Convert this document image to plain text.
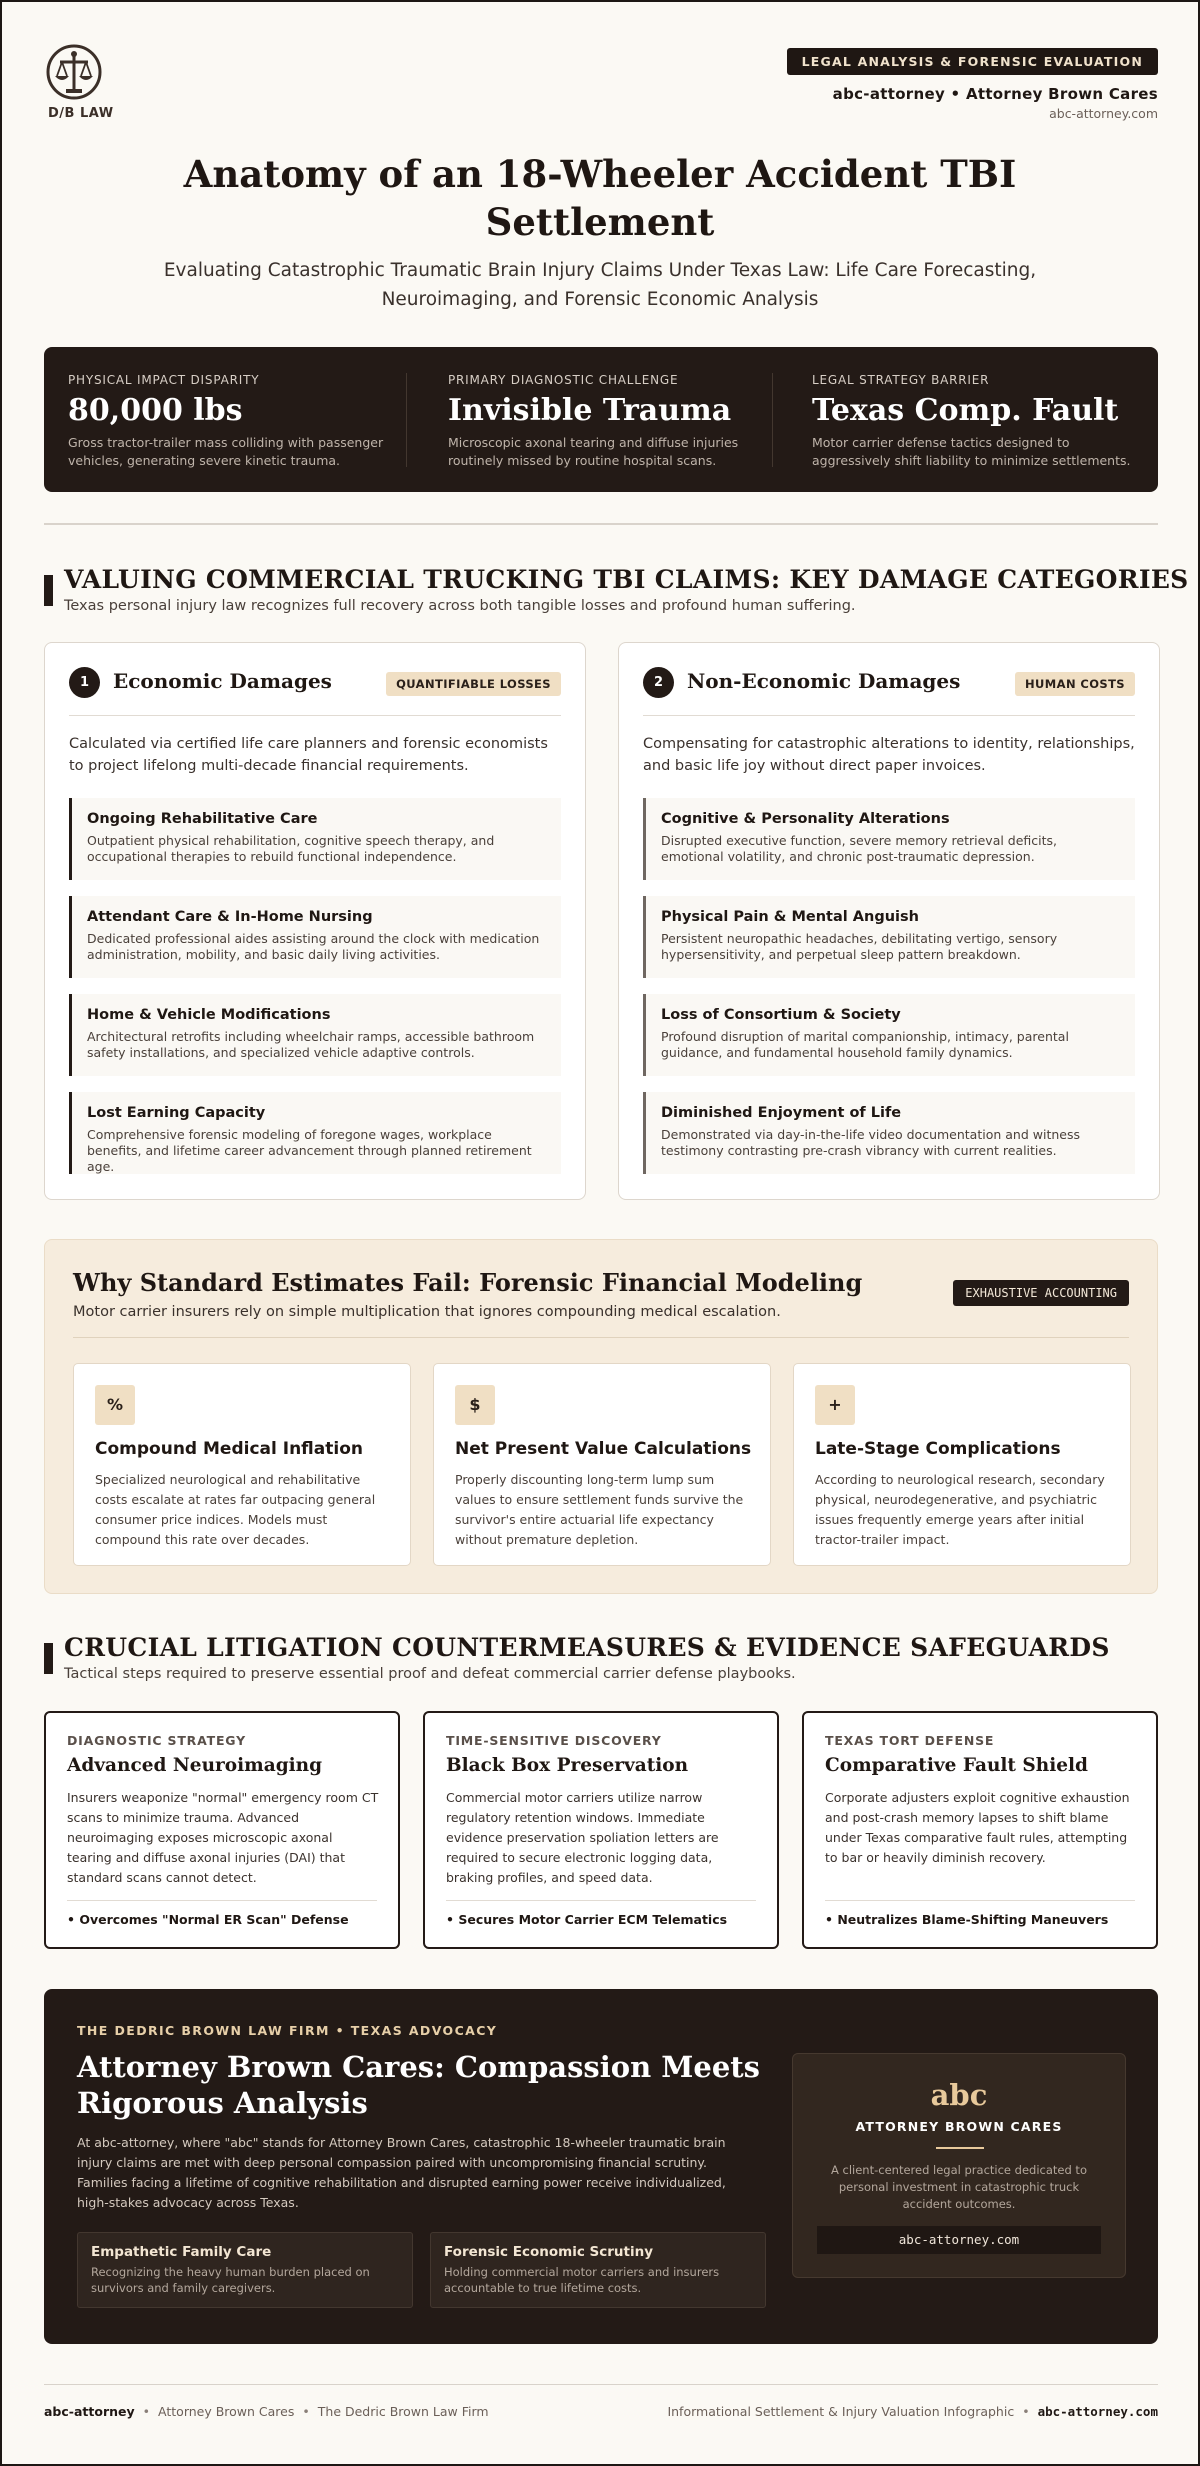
D/B LAW
LEGAL ANALYSIS & FORENSIC EVALUATION
abc-attorney • Attorney Brown Cares
abc-attorney.com
Anatomy of an 18-Wheeler Accident TBI Settlement

Evaluating Catastrophic Traumatic Brain Injury Claims Under Texas Law: Life Care Forecasting, Neuroimaging, and Forensic Economic Analysis

PHYSICAL IMPACT DISPARITY
80,000 lbs
Gross tractor-trailer mass colliding with passenger vehicles, generating severe kinetic trauma.
PRIMARY DIAGNOSTIC CHALLENGE
Invisible Trauma
Microscopic axonal tearing and diffuse injuries routinely missed by routine hospital scans.
LEGAL STRATEGY BARRIER
Texas Comp. Fault
Motor carrier defense tactics designed to aggressively shift liability to minimize settlements.
VALUING COMMERCIAL TRUCKING TBI CLAIMS: KEY DAMAGE CATEGORIES

Texas personal injury law recognizes full recovery across both tangible losses and profound human suffering.

1	Economic Damages	QUANTIFIABLE LOSSES
Calculated via certified life care planners and forensic economists to project lifelong multi-decade financial requirements.
Ongoing Rehabilitative Care
Outpatient physical rehabilitation, cognitive speech therapy, and occupational therapies to rebuild functional independence.
Attendant Care & In-Home Nursing
Dedicated professional aides assisting around the clock with medication administration, mobility, and basic daily living activities.
Home & Vehicle Modifications
Architectural retrofits including wheelchair ramps, accessible bathroom safety installations, and specialized vehicle adaptive controls.
Lost Earning Capacity
Comprehensive forensic modeling of foregone wages, workplace benefits, and lifetime career advancement through planned retirement age.
2	Non-Economic Damages	HUMAN COSTS
Compensating for catastrophic alterations to identity, relationships, and basic life joy without direct paper invoices.
Cognitive & Personality Alterations
Disrupted executive function, severe memory retrieval deficits, emotional volatility, and chronic post-traumatic depression.
Physical Pain & Mental Anguish
Persistent neuropathic headaches, debilitating vertigo, sensory hypersensitivity, and perpetual sleep pattern breakdown.
Loss of Consortium & Society
Profound disruption of marital companionship, intimacy, parental guidance, and fundamental household family dynamics.
Diminished Enjoyment of Life
Demonstrated via day-in-the-life video documentation and witness testimony contrasting pre-crash vibrancy with current realities.
Why Standard Estimates Fail: Forensic Financial Modeling

Motor carrier insurers rely on simple multiplication that ignores compounding medical escalation.

EXHAUSTIVE ACCOUNTING
%
Compound Medical Inflation
Specialized neurological and rehabilitative costs escalate at rates far outpacing general consumer price indices. Models must compound this rate over decades.
$
Net Present Value Calculations
Properly discounting long-term lump sum values to ensure settlement funds survive the survivor's entire actuarial life expectancy without premature depletion.
+
Late-Stage Complications
According to neurological research, secondary physical, neurodegenerative, and psychiatric issues frequently emerge years after initial tractor-trailer impact.
CRUCIAL LITIGATION COUNTERMEASURES & EVIDENCE SAFEGUARDS

Tactical steps required to preserve essential proof and defeat commercial carrier defense playbooks.

DIAGNOSTIC STRATEGY
Advanced Neuroimaging
Insurers weaponize "normal" emergency room CT scans to minimize trauma. Advanced neuroimaging exposes microscopic axonal tearing and diffuse axonal injuries (DAI) that standard scans cannot detect.
• Overcomes "Normal ER Scan" Defense
TIME-SENSITIVE DISCOVERY
Black Box Preservation
Commercial motor carriers utilize narrow regulatory retention windows. Immediate evidence preservation spoliation letters are required to secure electronic logging data, braking profiles, and speed data.
• Secures Motor Carrier ECM Telematics
TEXAS TORT DEFENSE
Comparative Fault Shield
Corporate adjusters exploit cognitive exhaustion and post-crash memory lapses to shift blame under Texas comparative fault rules, attempting to bar or heavily diminish recovery.
• Neutralizes Blame-Shifting Maneuvers
THE DEDRIC BROWN LAW FIRM • TEXAS ADVOCACY
Attorney Brown Cares: Compassion Meets Rigorous Analysis

At abc-attorney, where "abc" stands for Attorney Brown Cares, catastrophic 18-wheeler traumatic brain injury claims are met with deep personal compassion paired with uncompromising financial scrutiny. Families facing a lifetime of cognitive rehabilitation and disrupted earning power receive individualized, high-stakes advocacy across Texas.

Empathetic Family Care
Recognizing the heavy human burden placed on survivors and family caregivers.
Forensic Economic Scrutiny
Holding commercial motor carriers and insurers accountable to true lifetime costs.
abc
ATTORNEY BROWN CARES
A client-centered legal practice dedicated to personal investment in catastrophic truck accident outcomes.
abc-attorney.com
abc-attorney • Attorney Brown Cares • The Dedric Brown Law Firm	Informational Settlement & Injury Valuation Infographic • abc-attorney.com
